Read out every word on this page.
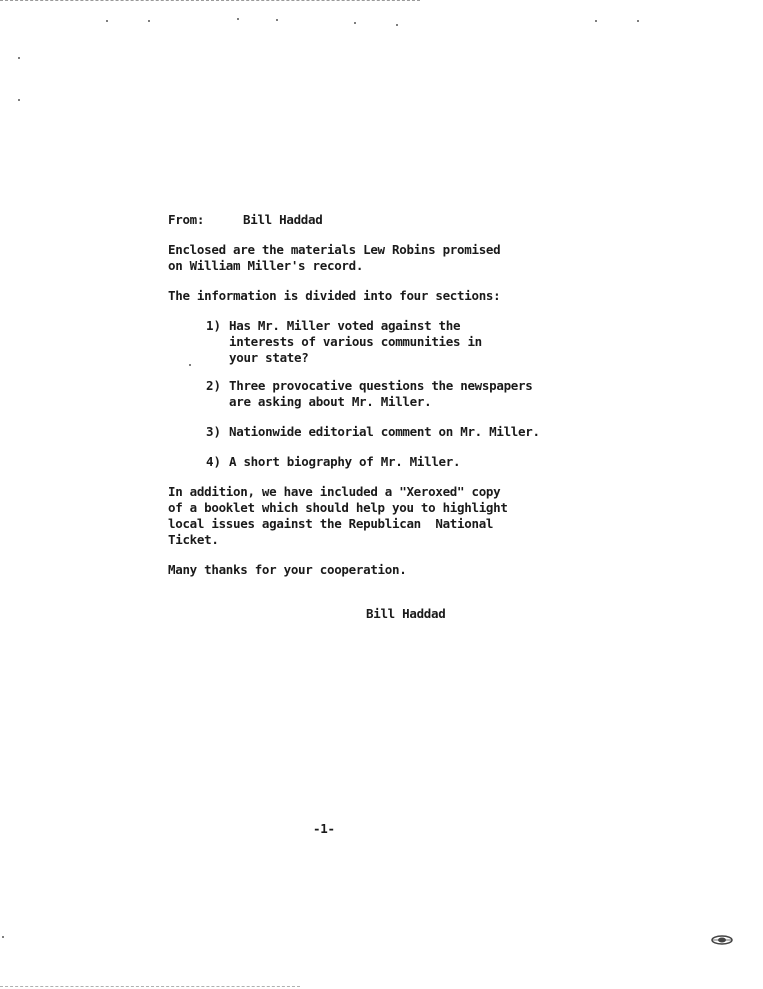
From:	Bill Haddad
Enclosed are the materials Lew Robins promised
on William Miller's record.
The information is divided into four sections:
1) Has Mr. Miller voted against the
interests of various communities in
your state?
2) Three provocative questions the newspapers
are asking about Mr. Miller.
3) Nationwide editorial comment on Mr. Miller.
4) A short biography of Mr. Miller.
In addition, we have included a "Xeroxed" copy
of a booklet which should help you to highlight
local issues against the Republican  National
Ticket.
Many thanks for your cooperation.
Bill Haddad
-1-
